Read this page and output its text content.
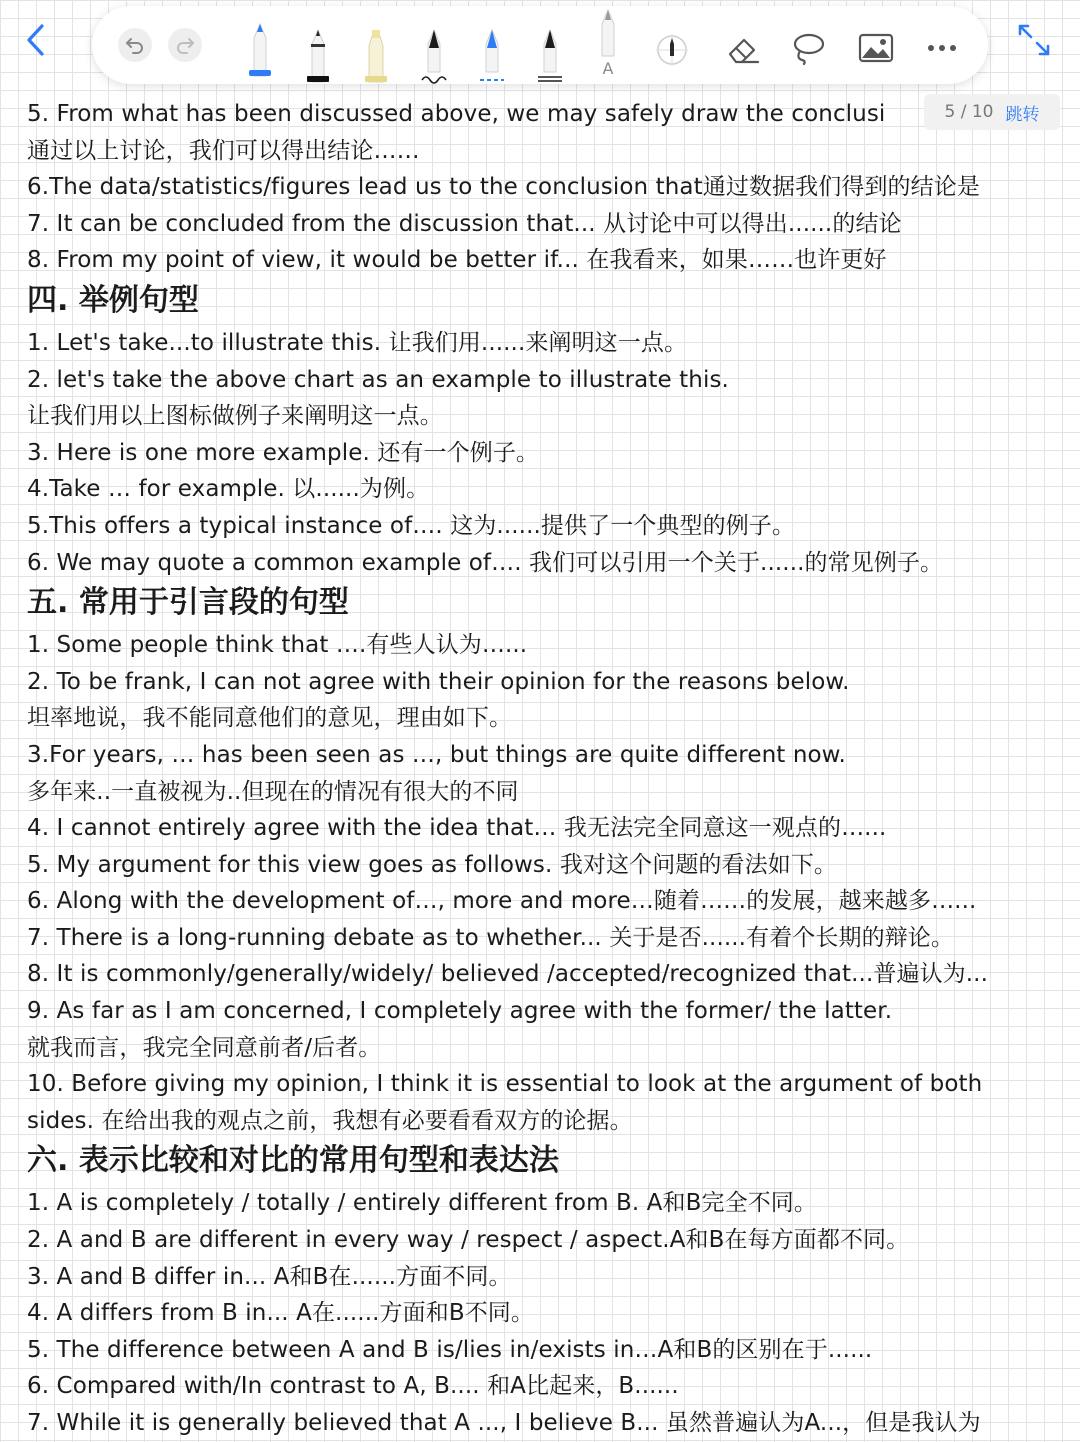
A
5. From what has been discussed above, we may safely draw the conclusi
通过以上讨论，我们可以得出结论……
6.The data/statistics/figures lead us to the conclusion that通过数据我们得到的结论是
7. It can be concluded from the discussion that... 从讨论中可以得出......的结论
8. From my point of view, it would be better if... 在我看来，如果……也许更好
四. 举例句型
1. Let's take...to illustrate this. 让我们用......来阐明这一点。
2. let's take the above chart as an example to illustrate this.
让我们用以上图标做例子来阐明这一点。
3. Here is one more example. 还有一个例子。
4.Take … for example. 以......为例。
5.This offers a typical instance of…. 这为......提供了一个典型的例子。
6. We may quote a common example of…. 我们可以引用一个关于......的常见例子。
五. 常用于引言段的句型
1. Some people think that ….有些人认为…...
2. To be frank, I can not agree with their opinion for the reasons below.
坦率地说，我不能同意他们的意见，理由如下。
3.For years, … has been seen as …, but things are quite different now.
多年来..一直被视为..但现在的情况有很大的不同
4. I cannot entirely agree with the idea that… 我无法完全同意这一观点的…...
5. My argument for this view goes as follows. 我对这个问题的看法如下。
6. Along with the development of…, more and more…随着……的发展，越来越多…...
7. There is a long-running debate as to whether... 关于是否......有着个长期的辩论。
8. It is commonly/generally/widely/ believed /accepted/recognized that...普遍认为...
9. As far as I am concerned, I completely agree with the former/ the latter.
就我而言，我完全同意前者/后者。
10. Before giving my opinion, I think it is essential to look at the argument of both
sides. 在给出我的观点之前，我想有必要看看双方的论据。
六. 表示比较和对比的常用句型和表达法
1. A is completely / totally / entirely different from B. A和B完全不同。
2. A and B are different in every way / respect / aspect.A和B在每方面都不同。
3. A and B differ in... A和B在......方面不同。
4. A differs from B in... A在......方面和B不同。
5. The difference between A and B is/lies in/exists in…A和B的区别在于......
6. Compared with/In contrast to A, B.... 和A比起来，B......
7. While it is generally believed that A ..., I believe B... 虽然普遍认为A...，但是我认为
5 / 10 跳转
